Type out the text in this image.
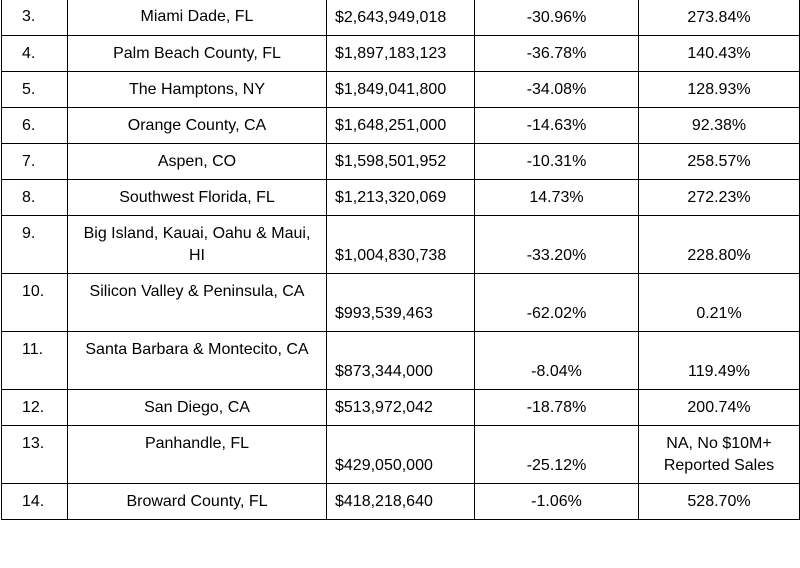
3.	Miami Dade, FL	$2,643,949,018	-30.96%	273.84%
4.	Palm Beach County, FL	$1,897,183,123	-36.78%	140.43%
5.	The Hamptons, NY	$1,849,041,800	-34.08%	128.93%
6.	Orange County, CA	$1,648,251,000	-14.63%	92.38%
7.	Aspen, CO	$1,598,501,952	-10.31%	258.57%
8.	Southwest Florida, FL	$1,213,320,069	14.73%	272.23%
9.	Big Island, Kauai, Oahu & Maui, HI	$1,004,830,738	-33.20%	228.80%
10.	Silicon Valley & Peninsula, CA	$993,539,463	-62.02%	0.21%
11.	Santa Barbara & Montecito, CA	$873,344,000	-8.04%	119.49%
12.	San Diego, CA	$513,972,042	-18.78%	200.74%
13.	Panhandle, FL	$429,050,000	-25.12%	NA, No $10M+ Reported Sales
14.	Broward County, FL	$418,218,640	-1.06%	528.70%
